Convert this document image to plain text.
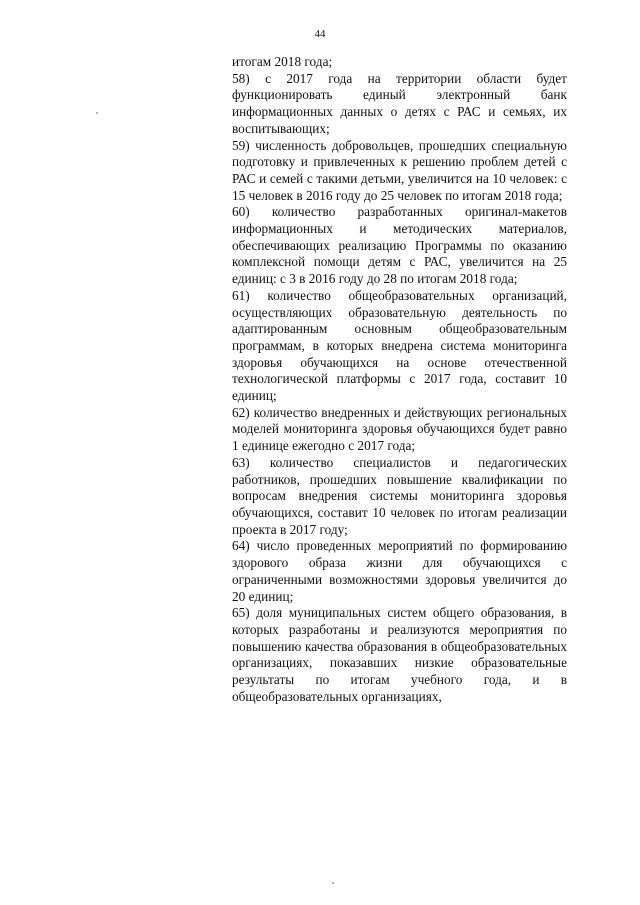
44

итогам 2018 года;

58) с 2017 года на территории области будет функционировать единый электронный банк информационных данных о детях с РАС и семьях, их воспитывающих;

59) численность добровольцев, прошедших специальную подготовку и привлеченных к решению проблем детей с РАС и семей с такими детьми, увеличится на 10 человек: с 15 человек в 2016 году до 25 человек по итогам 2018 года;

60) количество разработанных оригинал-макетов информационных и методических материалов, обеспечивающих реализацию Программы по оказанию комплексной помощи детям с РАС, увеличится на 25 единиц: с 3 в 2016 году до 28 по итогам 2018 года;

61) количество общеобразовательных организаций, осуществляющих образовательную деятельность по адаптированным основным общеобразовательным программам, в которых внедрена система мониторинга здоровья обучающихся на основе отечественной технологической платформы с 2017 года, составит 10 единиц;

62) количество внедренных и действующих региональных моделей мониторинга здоровья обучающихся будет равно 1 единице ежегодно с 2017 года;

63) количество специалистов и педагогических работников, прошедших повышение квалификации по вопросам внедрения системы мониторинга здоровья обучающихся, составит 10 человек по итогам реализации проекта в 2017 году;

64) число проведенных мероприятий по формированию здорового образа жизни для обучающихся с ограниченными возможностями здоровья увеличится до 20 единиц;

65) доля муниципальных систем общего образования, в которых разработаны и реализуются мероприятия по повышению качества образования в общеобразовательных организациях, показавших низкие образовательные результаты по итогам учебного года, и в общеобразовательных организациях,
